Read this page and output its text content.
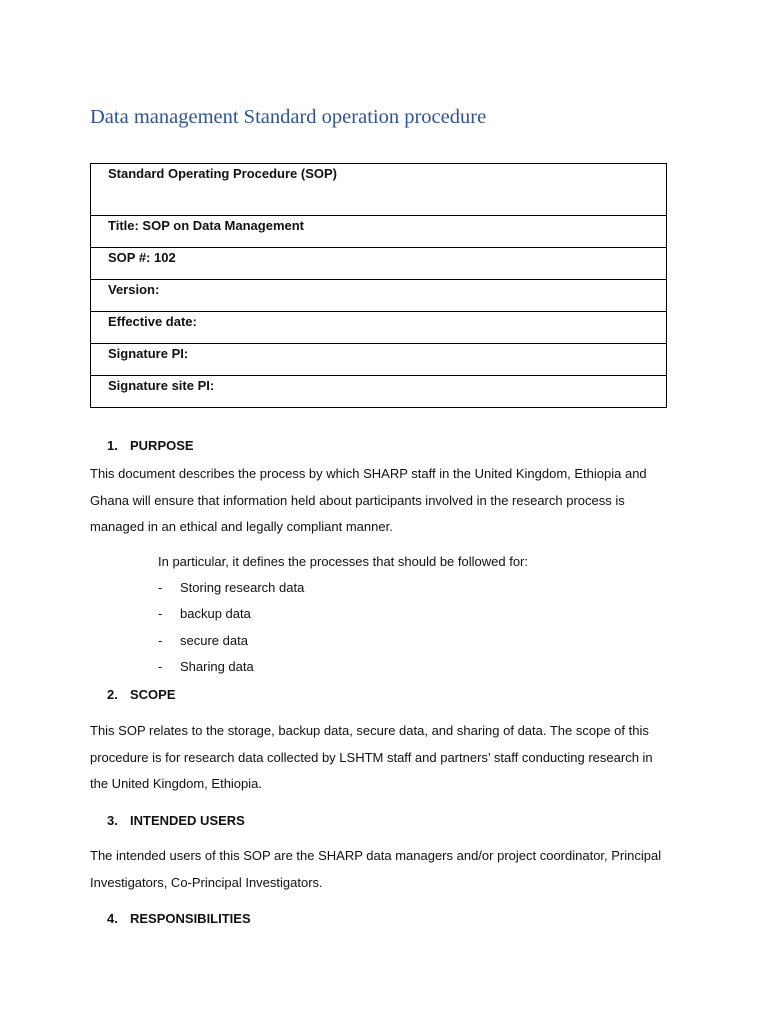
Data management Standard operation procedure
Standard Operating Procedure (SOP)
Title: SOP on Data Management
SOP #: 102
Version:
Effective date:
Signature PI:
Signature site PI:
1. PURPOSE

This document describes the process by which SHARP staff in the United Kingdom, Ethiopia and Ghana will ensure that information held about participants involved in the research process is managed in an ethical and legally compliant manner.

In particular, it defines the processes that should be followed for:

- Storing research data
- backup data
- secure data
- Sharing data
2. SCOPE

This SOP relates to the storage, backup data, secure data, and sharing of data. The scope of this procedure is for research data collected by LSHTM staff and partners’ staff conducting research in the United Kingdom, Ethiopia.

3. INTENDED USERS

The intended users of this SOP are the SHARP data managers and/or project coordinator, Principal Investigators, Co-Principal Investigators.

4. RESPONSIBILITIES
